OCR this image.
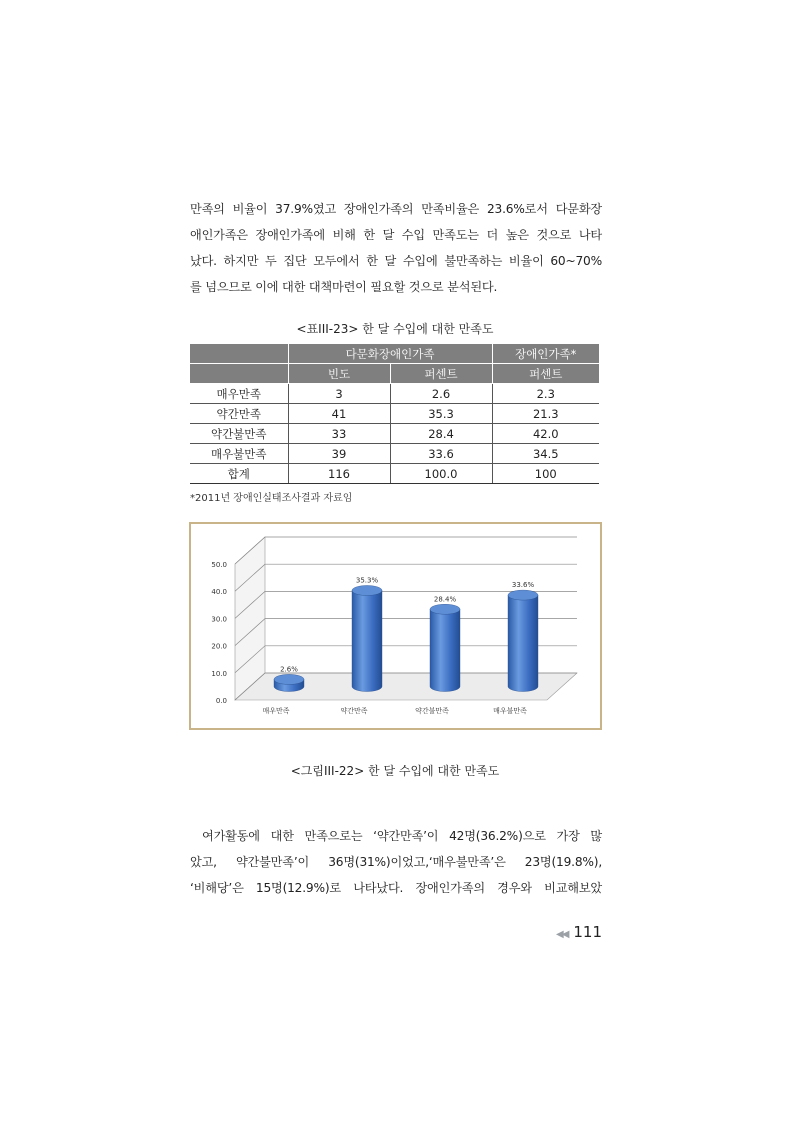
만족의 비율이 37.9%였고 장애인가족의 만족비율은 23.6%로서 다문화장
애인가족은 장애인가족에 비해 한 달 수입 만족도는 더 높은 것으로 나타
났다. 하지만 두 집단 모두에서 한 달 수입에 불만족하는 비율이 60~70%
를 넘으므로 이에 대한 대책마련이 필요할 것으로 분석된다.
<표III-23> 한 달 수입에 대한 만족도
	다문화장애인가족		장애인가족*
	빈도	퍼센트	퍼센트
매우만족	3	2.6	2.3
약간만족	41	35.3	21.3
약간불만족	33	28.4	42.0
매우불만족	39	33.6	34.5
합계	116	100.0	100
*2011년 장애인실태조사결과 자료임
0.0
10.0
20.0
30.0
40.0
50.0
2.6%
매우만족
35.3%
약간만족
28.4%
약간불만족
33.6%
매우불만족
<그림III-22> 한 달 수입에 대한 만족도
여가활동에 대한 만족으로는 ‘약간만족’이 42명(36.2%)으로 가장 많
았고, 약간불만족’이 36명(31%)이었고,‘매우불만족’은 23명(19.8%),
‘비해당’은 15명(12.9%)로 나타났다. 장애인가족의 경우와 비교해보았
◀◀ 111
